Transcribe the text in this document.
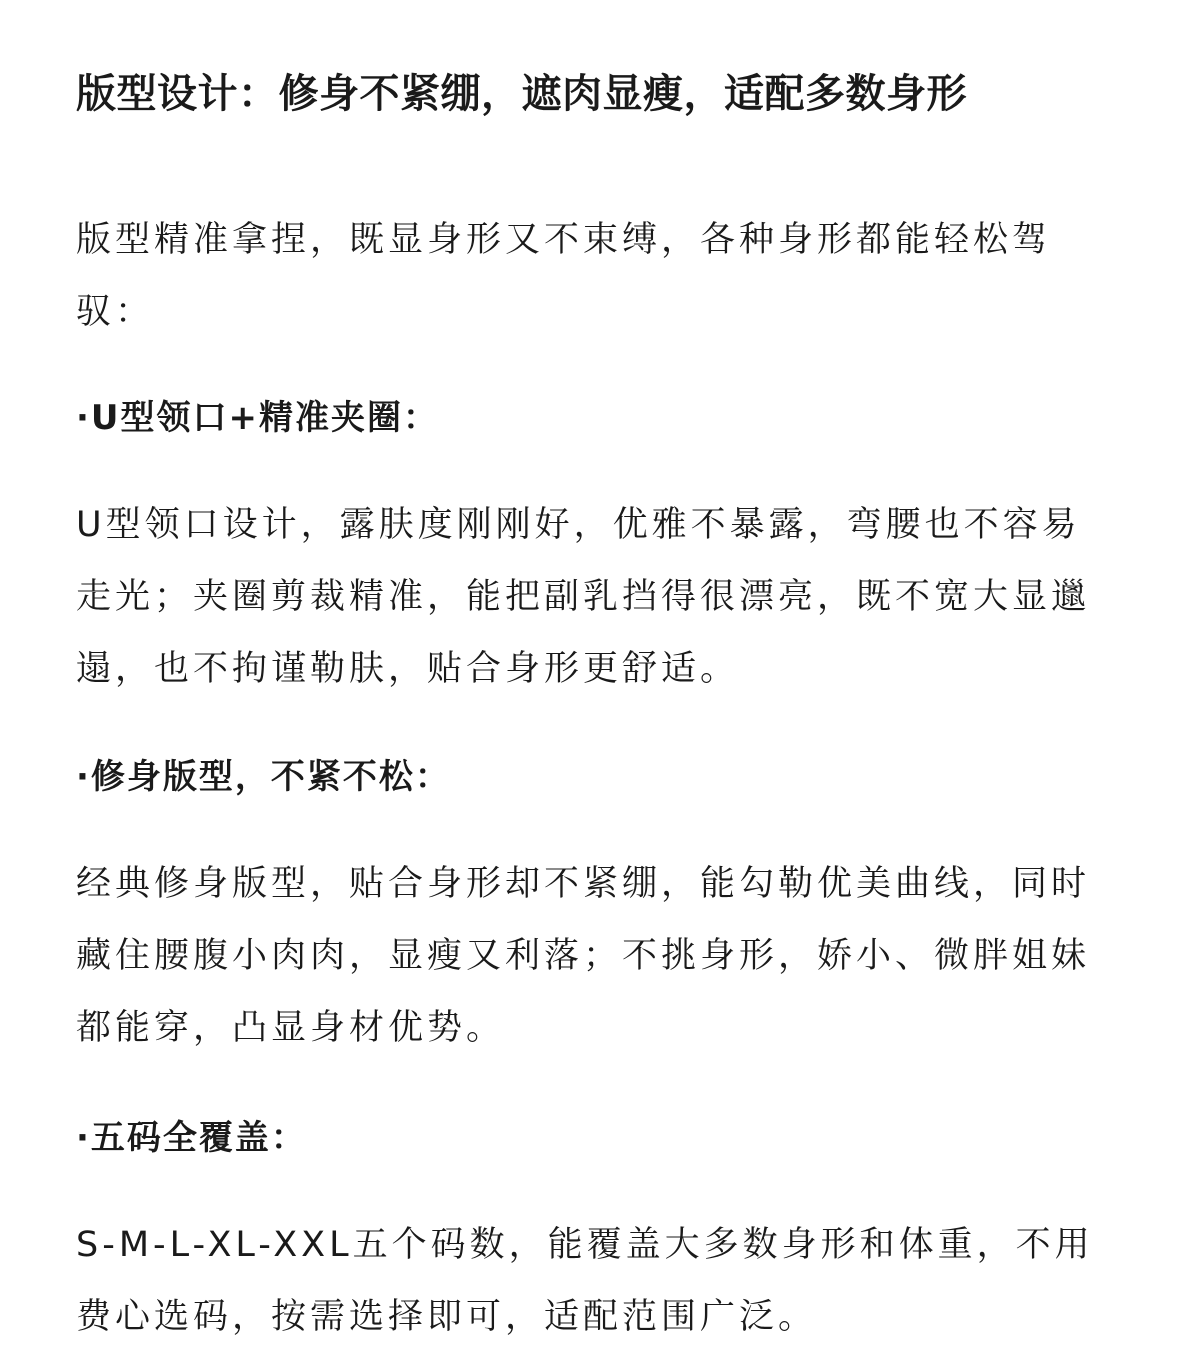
版型设计：修身不紧绷，遮肉显瘦，适配多数身形

版型精准拿捏，既显身形又不束缚，各种身形都能轻松驾
驭：

·U型领口+精准夹圈：

U型领口设计，露肤度刚刚好，优雅不暴露，弯腰也不容易
走光；夹圈剪裁精准，能把副乳挡得很漂亮，既不宽大显邋
遢，也不拘谨勒肤，贴合身形更舒适。

·修身版型，不紧不松：

经典修身版型，贴合身形却不紧绷，能勾勒优美曲线，同时
藏住腰腹小肉肉，显瘦又利落；不挑身形，娇小、微胖姐妹
都能穿，凸显身材优势。

·五码全覆盖：

S-M-L-XL-XXL五个码数，能覆盖大多数身形和体重，不用
费心选码，按需选择即可，适配范围广泛。
